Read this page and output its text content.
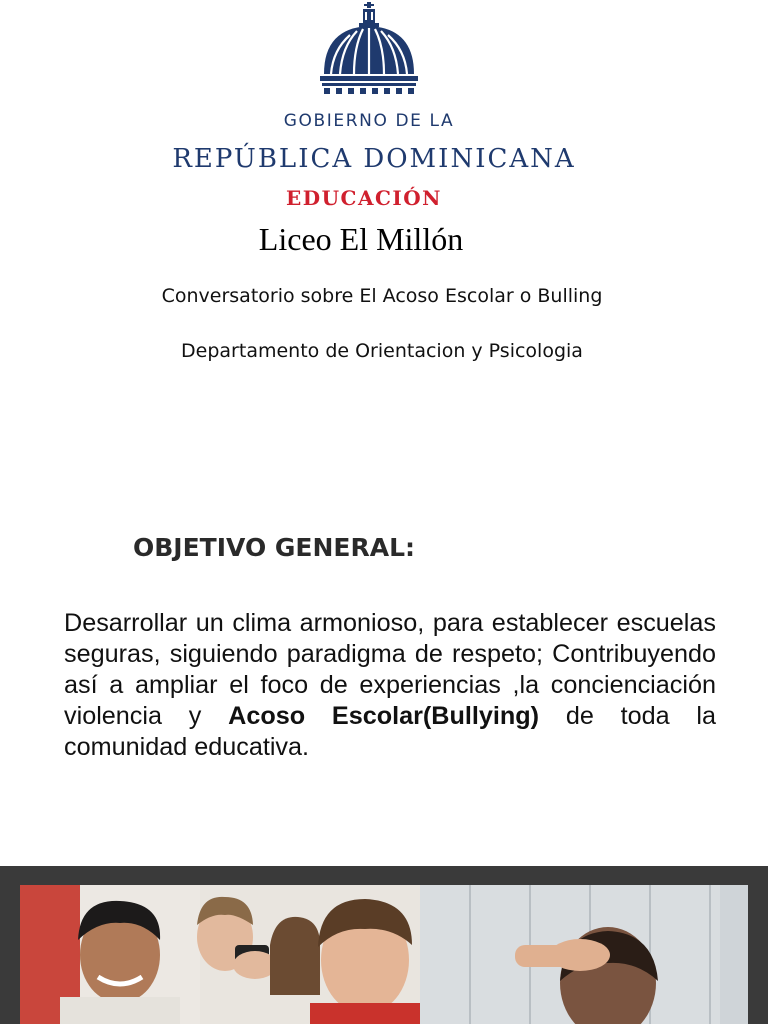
GOBIERNO DE LA
REPÚBLICA DOMINICANA
EDUCACIÓN
Liceo El Millón
Conversatorio sobre El Acoso Escolar o Bulling
Departamento de Orientacion y Psicologia
OBJETIVO GENERAL:
Desarrollar un clima armonioso, para establecer escuelas seguras, siguiendo paradigma de respeto; Contribuyendo así a ampliar el foco de experiencias ,la concienciación violencia y Acoso Escolar(Bullying) de toda la comunidad educativa.
